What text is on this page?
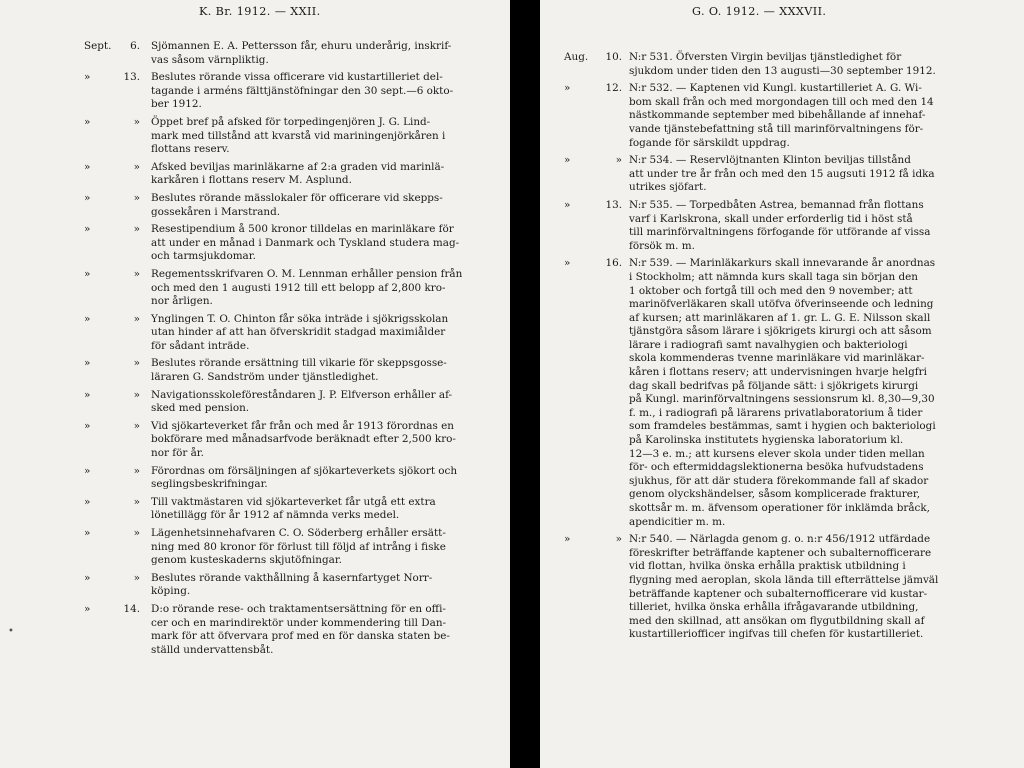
K. Br. 1912. — XXII.
Sept.	6. Sjömannen E. A. Pettersson får, ehuru underårig, inskrif-
vas såsom värnpliktig.
»	13. Beslutes rörande vissa officerare vid kustartilleriet del-
tagande i arméns fälttjänstöfningar den 30 sept.—6 okto-
ber 1912.
»	» Öppet bref på afsked för torpedingenjören J. G. Lind-
mark med tillstånd att kvarstå vid mariningenjörkåren i
flottans reserv.
»	» Afsked beviljas marinläkarne af 2:a graden vid marinlä-
karkåren i flottans reserv M. Asplund.
»	» Beslutes rörande mässlokaler för officerare vid skepps-
gossekåren i Marstrand.
»	» Resestipendium å 500 kronor tilldelas en marinläkare för
att under en månad i Danmark och Tyskland studera mag-
och tarmsjukdomar.
»	» Regementsskrifvaren O. M. Lennman erhåller pension från
och med den 1 augusti 1912 till ett belopp af 2,800 kro-
nor årligen.
»	» Ynglingen T. O. Chinton får söka inträde i sjökrigsskolan
utan hinder af att han öfverskridit stadgad maximiålder
för sådant inträde.
»	» Beslutes rörande ersättning till vikarie för skeppsgosse-
läraren G. Sandström under tjänstledighet.
»	» Navigationsskoleföreståndaren J. P. Elfverson erhåller af-
sked med pension.
»	» Vid sjökarteverket får från och med år 1913 förordnas en
bokförare med månadsarfvode beräknadt efter 2,500 kro-
nor för år.
»	» Förordnas om försäljningen af sjökarteverkets sjökort och
seglingsbeskrifningar.
»	» Till vaktmästaren vid sjökarteverket får utgå ett extra
lönetillägg för år 1912 af nämnda verks medel.
»	» Lägenhetsinnehafvaren C. O. Söderberg erhåller ersätt-
ning med 80 kronor för förlust till följd af intrång i fiske
genom kusteskaderns skjutöfningar.
»	» Beslutes rörande vakthållning å kasernfartyget Norr-
köping.
»	14. D:o rörande rese- och traktamentsersättning för en offi-
cer och en marindirektör under kommendering till Dan-
mark för att öfvervara prof med en för danska staten be-
ställd undervattensbåt.
•
G. O. 1912. — XXXVII.
Aug.	10. N:r 531. Öfversten Virgin beviljas tjänstledighet för
sjukdom under tiden den 13 augusti—30 september 1912.
»	12. N:r 532. — Kaptenen vid Kungl. kustartilleriet A. G. Wi-
bom skall från och med morgondagen till och med den 14
nästkommande september med bibehållande af innehaf-
vande tjänstebefattning stå till marinförvaltningens för-
fogande för särskildt uppdrag.
»	» N:r 534. — Reservlöjtnanten Klinton beviljas tillstånd
att under tre år från och med den 15 augsuti 1912 få idka
utrikes sjöfart.
»	13. N:r 535. — Torpedbåten Astrea, bemannad från flottans
varf i Karlskrona, skall under erforderlig tid i höst stå
till marinförvaltningens förfogande för utförande af vissa
försök m. m.
»	16. N:r 539. — Marinläkarkurs skall innevarande år anordnas
i Stockholm; att nämnda kurs skall taga sin början den
1 oktober och fortgå till och med den 9 november; att
marinöfverläkaren skall utöfva öfverinseende och ledning
af kursen; att marinläkaren af 1. gr. L. G. E. Nilsson skall
tjänstgöra såsom lärare i sjökrigets kirurgi och att såsom
lärare i radiografi samt navalhygien och bakteriologi
skola kommenderas tvenne marinläkare vid marinläkar-
kåren i flottans reserv; att undervisningen hvarje helgfri
dag skall bedrifvas på följande sätt: i sjökrigets kirurgi
på Kungl. marinförvaltningens sessionsrum kl. 8,30—9,30
f. m., i radiografi på lärarens privatlaboratorium å tider
som framdeles bestämmas, samt i hygien och bakteriologi
på Karolinska institutets hygienska laboratorium kl.
12—3 e. m.; att kursens elever skola under tiden mellan
för- och eftermiddagslektionerna besöka hufvudstadens
sjukhus, för att där studera förekommande fall af skador
genom olyckshändelser, såsom komplicerade frakturer,
skottsår m. m. äfvensom operationer för inklämda bråck,
apendicitier m. m.
»	» N:r 540. — Närlagda genom g. o. n:r 456/1912 utfärdade
föreskrifter beträffande kaptener och subalternofficerare
vid flottan, hvilka önska erhålla praktisk utbildning i
flygning med aeroplan, skola lända till efterrättelse jämväl
beträffande kaptener och subalternofficerare vid kustar-
tilleriet, hvilka önska erhålla ifrågavarande utbildning,
med den skillnad, att ansökan om flygutbildning skall af
kustartilleriofficer ingifvas till chefen för kustartilleriet.
